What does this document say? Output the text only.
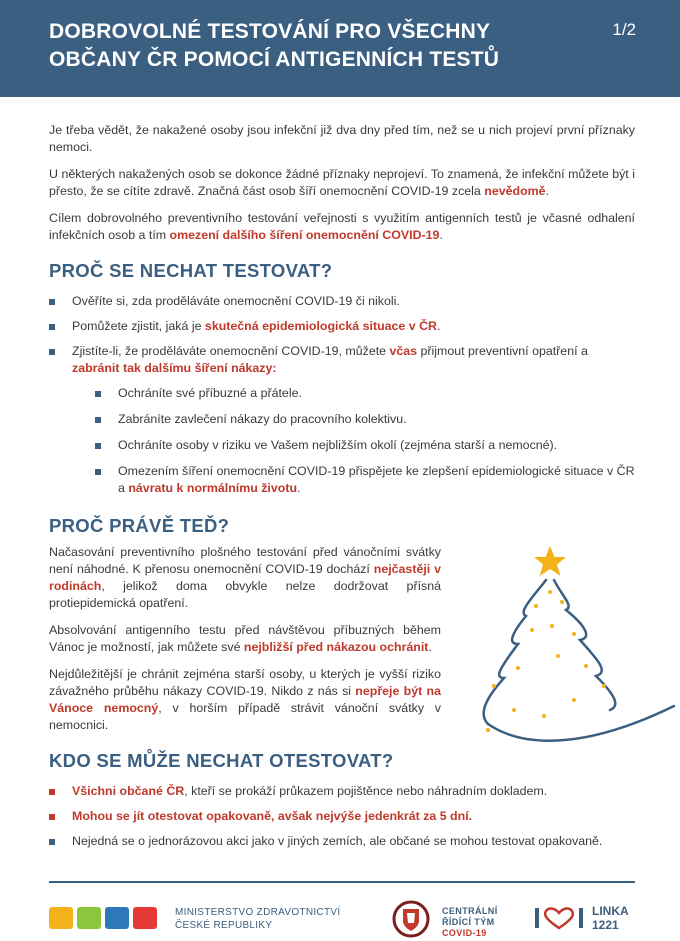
DOBROVOLNÉ TESTOVÁNÍ PRO VŠECHNY
OBČANY ČR POMOCÍ ANTIGENNÍCH TESTŮ
1/2

Je třeba vědět, že nakažené osoby jsou infekční již dva dny před tím, než se u nich projeví první příznaky nemoci.

U některých nakažených osob se dokonce žádné příznaky neprojeví. To znamená, že infekční můžete být i přesto, že se cítíte zdravě. Značná část osob šíří onemocnění COVID-19 zcela nevědomě.

Cílem dobrovolného preventivního testování veřejnosti s využitím antigenních testů je včasné odhalení infekčních osob a tím omezení dalšího šíření onemocnění COVID-19.

PROČ SE NECHAT TESTOVAT?
Ověříte si, zda proděláváte onemocnění COVID-19 či nikoli.
Pomůžete zjistit, jaká je skutečná epidemiologická situace v ČR.
Zjistíte-li, že proděláváte onemocnění COVID-19, můžete včas přijmout preventivní opatření a zabránit tak dalšímu šíření nákazy:
Ochráníte své příbuzné a přátele.
Zabráníte zavlečení nákazy do pracovního kolektivu.
Ochráníte osoby v riziku ve Vašem nejbližším okolí (zejména starší a nemocné).
Omezením šíření onemocnění COVID-19 přispějete ke zlepšení epidemiologické situace v ČR a návratu k normálnímu životu.
PROČ PRÁVĚ TEĎ?

Načasování preventivního plošného testování před vánočními svátky není náhodné. K přenosu onemocnění COVID-19 dochází nejčastěji v rodinách, jelikož doma obvykle nelze dodržovat přísná protiepidemická opatření.

Absolvování antigenního testu před návštěvou příbuzných během Vánoc je možností, jak můžete své nejbližší před nákazou ochránit.

Nejdůležitější je chránit zejména starší osoby, u kterých je vyšší riziko závažného průběhu nákazy COVID-19. Nikdo z nás si nepřeje být na Vánoce nemocný, v horším případě strávit vánoční svátky v nemocnici.

KDO SE MŮŽE NECHAT OTESTOVAT?
Všichni občané ČR, kteří se prokáží průkazem pojištěnce nebo náhradním dokladem.
Mohou se jít otestovat opakovaně, avšak nejvýše jedenkrát za 5 dní.
Nejedná se o jednorázovou akci jako v jiných zemích, ale občané se mohou testovat opakovaně.
MINISTERSTVO ZDRAVOTNICTVÍ
ČESKÉ REPUBLIKY
CENTRÁLNÍ
ŘÍDÍCÍ TÝM
COVID-19
LINKA
1221
